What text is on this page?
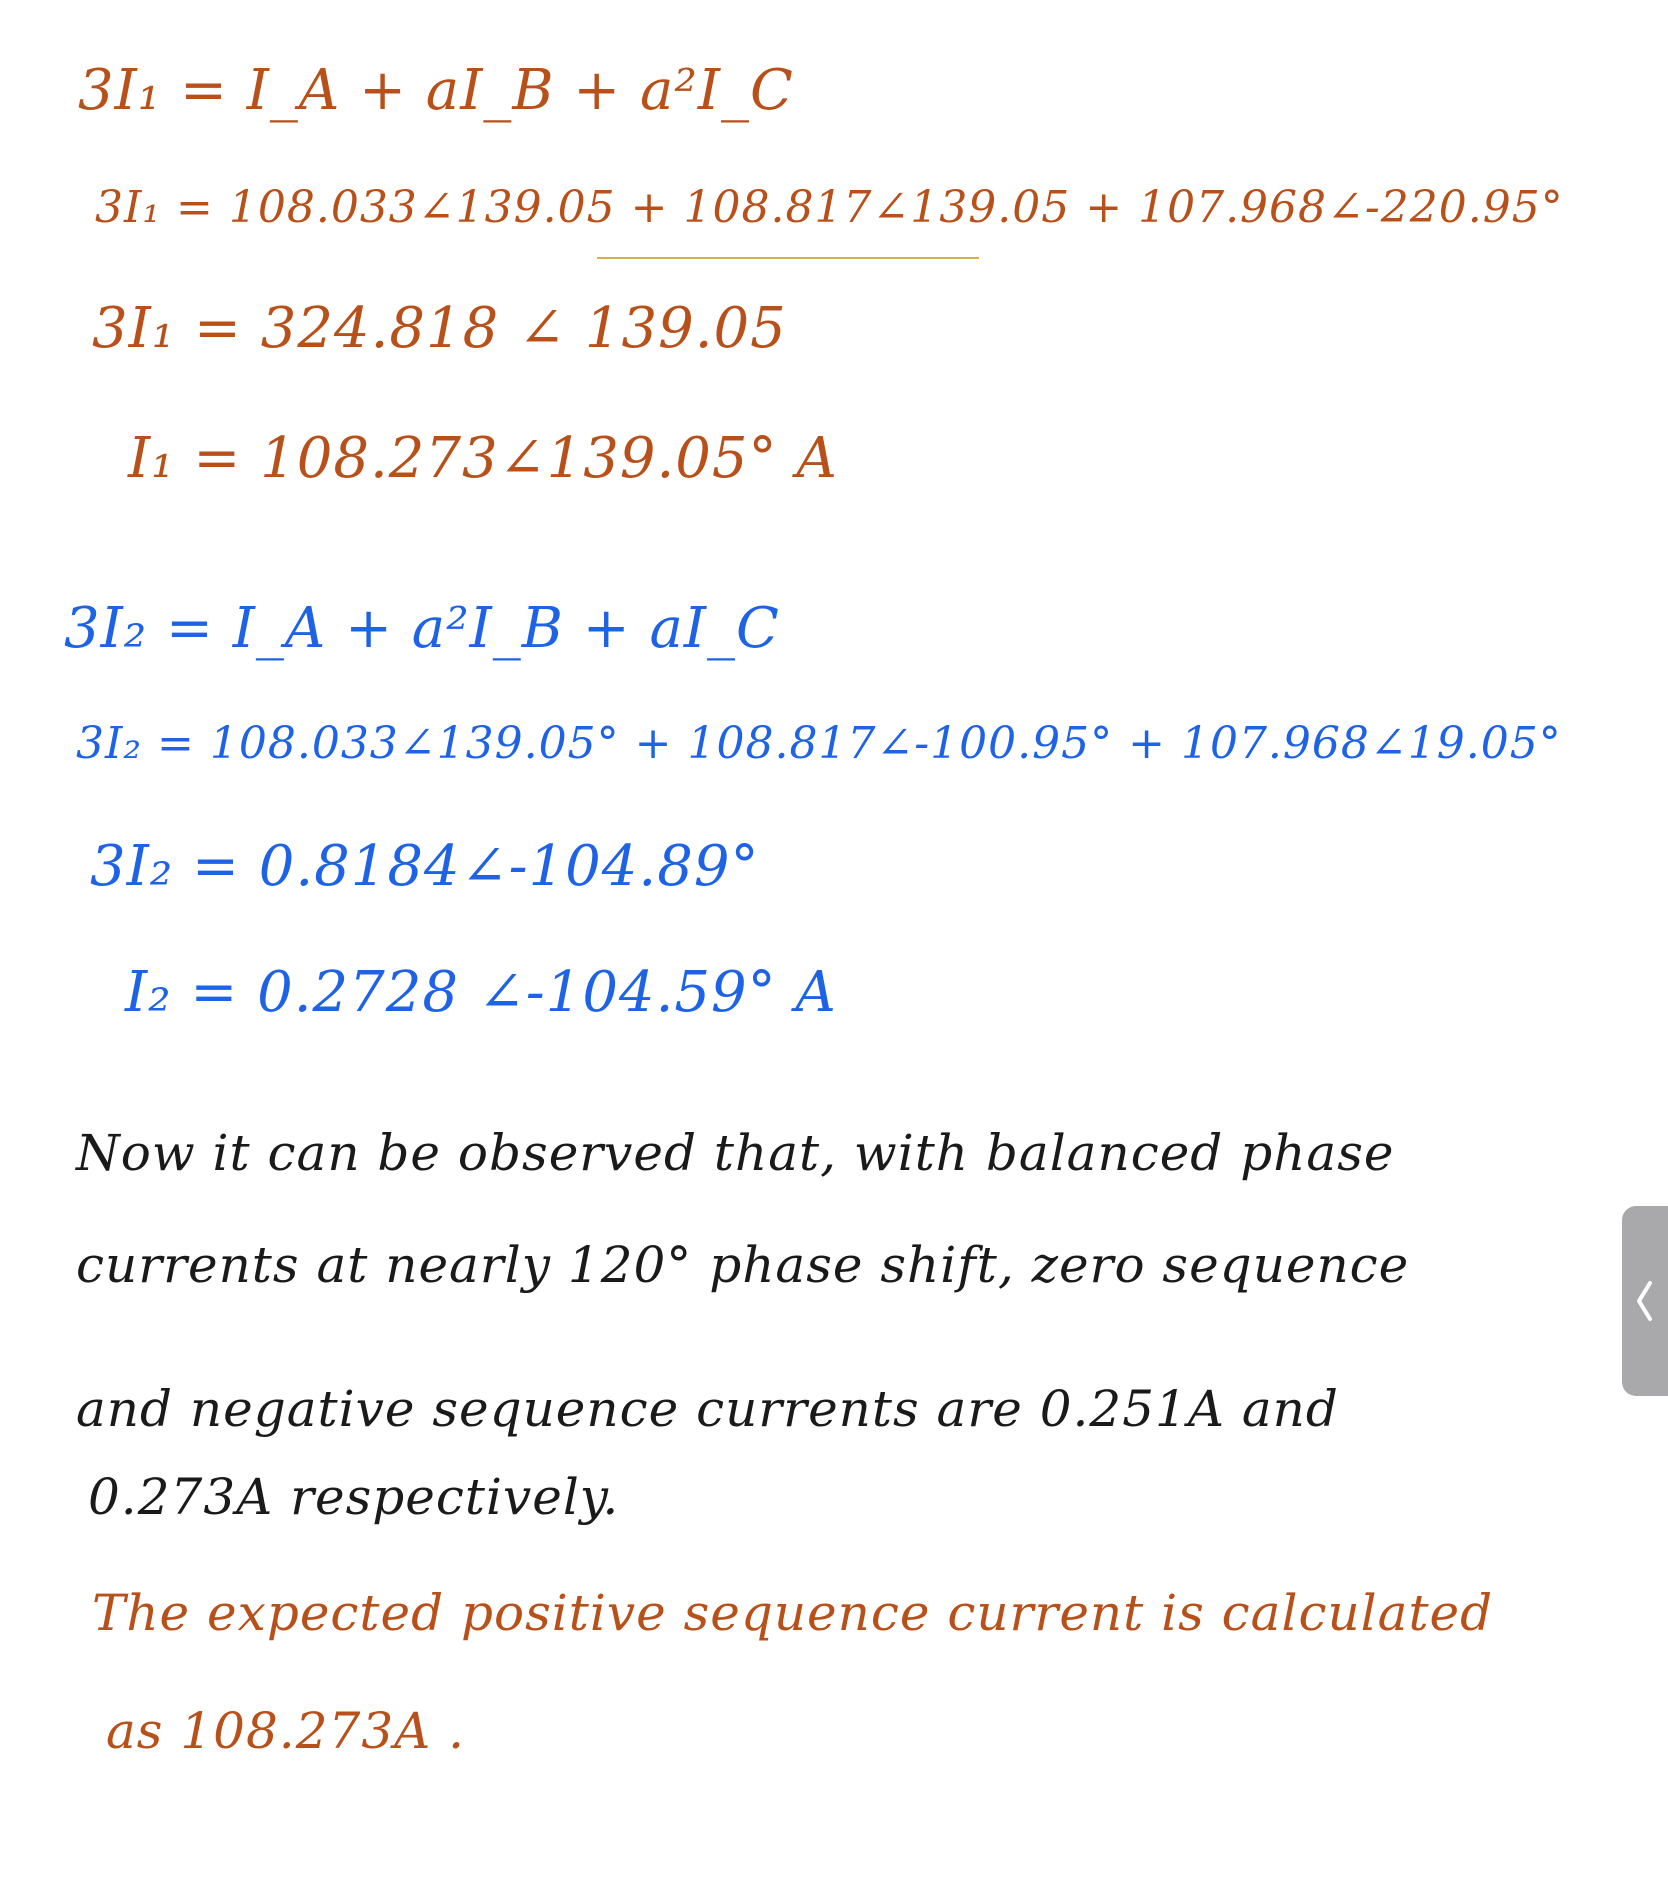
3I₁ = I_A + aI_B + a²I_C
3I₁ = 108.033∠139.05 + 108.817∠139.05 + 107.968∠-220.95°
3I₁ = 324.818 ∠ 139.05
I₁ = 108.273∠139.05° A
3I₂ = I_A + a²I_B + aI_C
3I₂ = 108.033∠139.05° + 108.817∠-100.95° + 107.968∠19.05°
3I₂ = 0.8184∠-104.89°
I₂ = 0.2728 ∠-104.59° A
Now it can be observed that, with balanced phase
currents at nearly 120° phase shift, zero sequence
and negative sequence currents are 0.251A and
0.273A respectively.
The expected positive sequence current is calculated
as 108.273A .
